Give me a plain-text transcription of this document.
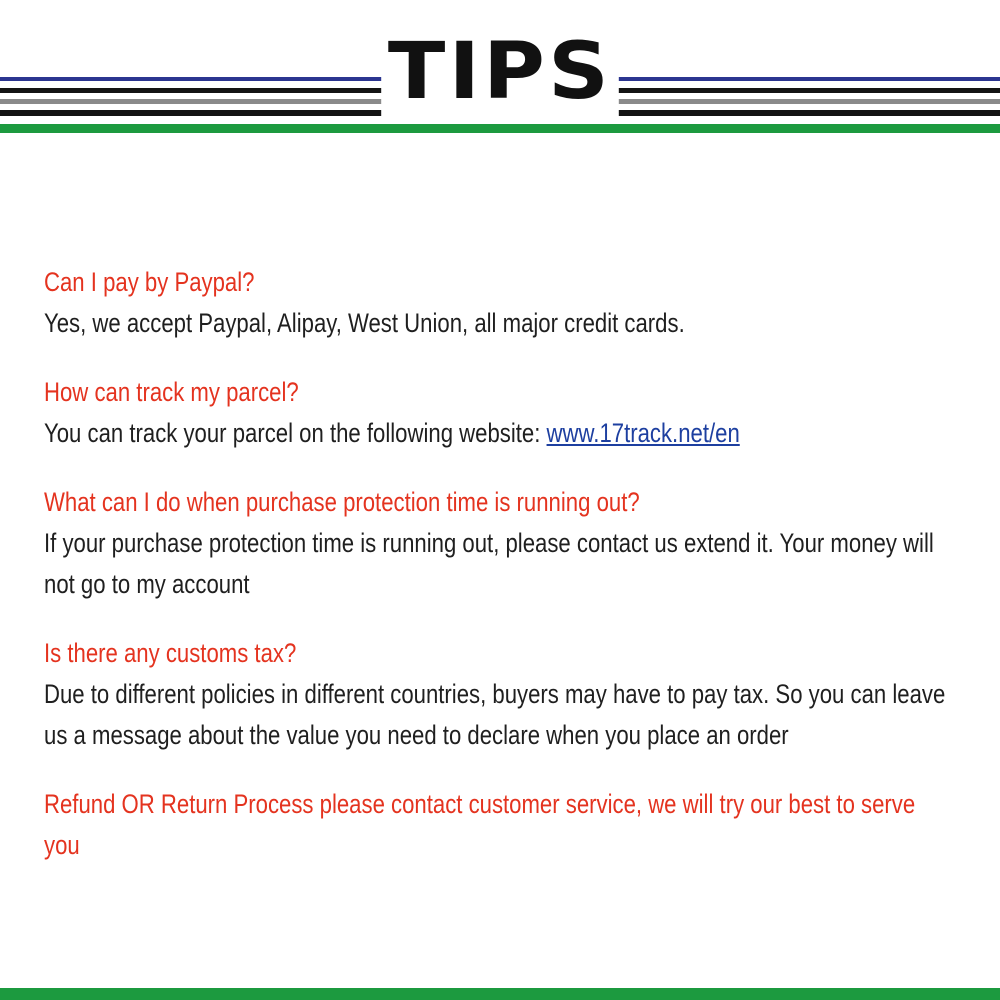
TIPS
Can I pay by Paypal?
Yes, we accept Paypal, Alipay, West Union, all major credit cards.
How can track my parcel?
You can track your parcel on the following website: www.17track.net/en
What can I do when purchase protection time is running out?
If your purchase protection time is running out, please contact us extend it. Your money will not go to my account
Is there any customs tax?
Due to different policies in different countries, buyers may have to pay tax. So you can leave us a message about the value you need to declare when you place an order
Refund OR Return Process please contact customer service, we will try our best to serve you
